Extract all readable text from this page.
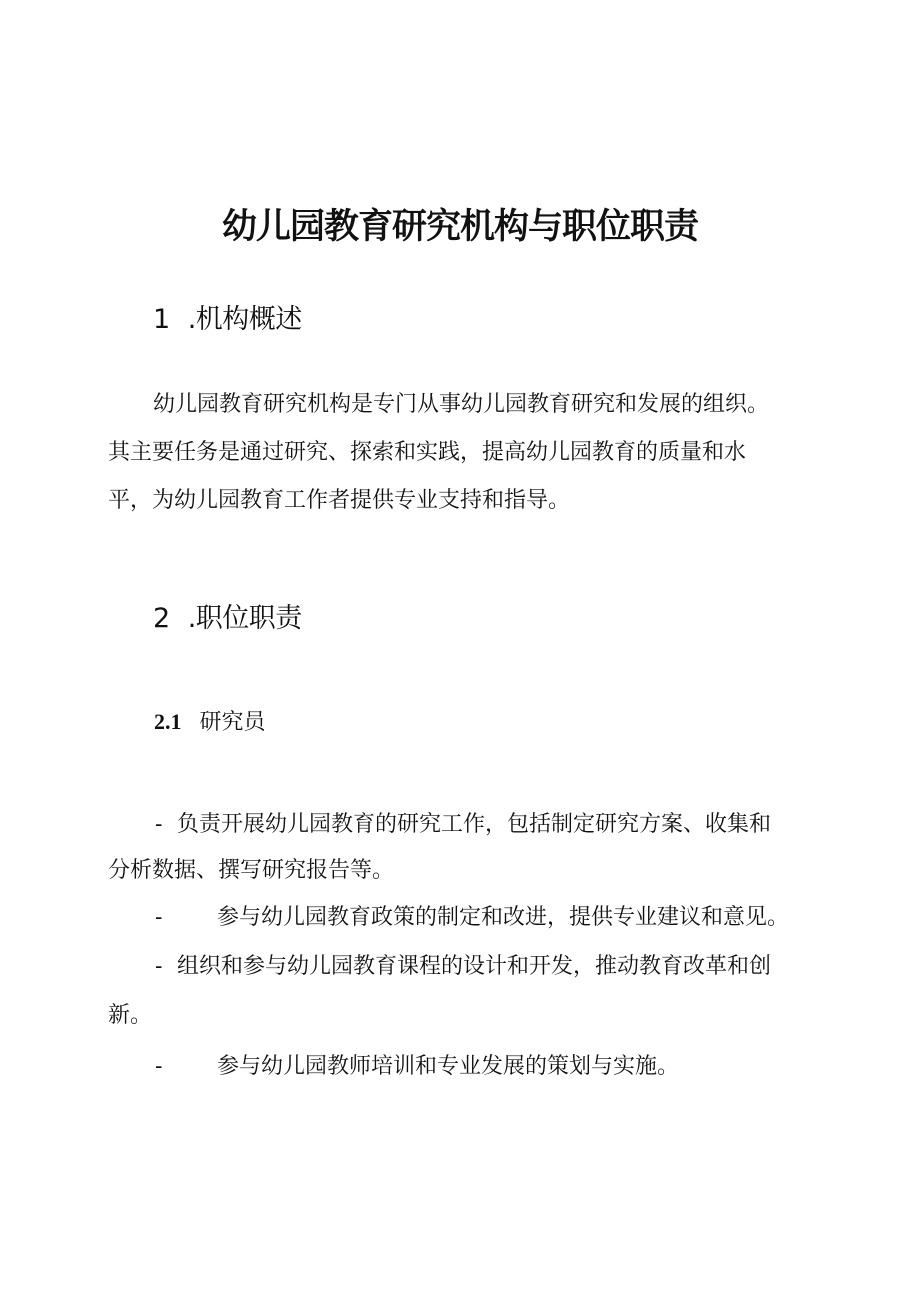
幼儿园教育研究机构与职位职责
1 .机构概述
幼儿园教育研究机构是专门从事幼儿园教育研究和发展的组织。
其主要任务是通过研究、探索和实践，提高幼儿园教育的质量和水
平，为幼儿园教育工作者提供专业支持和指导。
2 .职位职责
2.1 研究员
- 负责开展幼儿园教育的研究工作，包括制定研究方案、收集和
分析数据、撰写研究报告等。
- 参与幼儿园教育政策的制定和改进，提供专业建议和意见。
- 组织和参与幼儿园教育课程的设计和开发，推动教育改革和创
新。
- 参与幼儿园教师培训和专业发展的策划与实施。
